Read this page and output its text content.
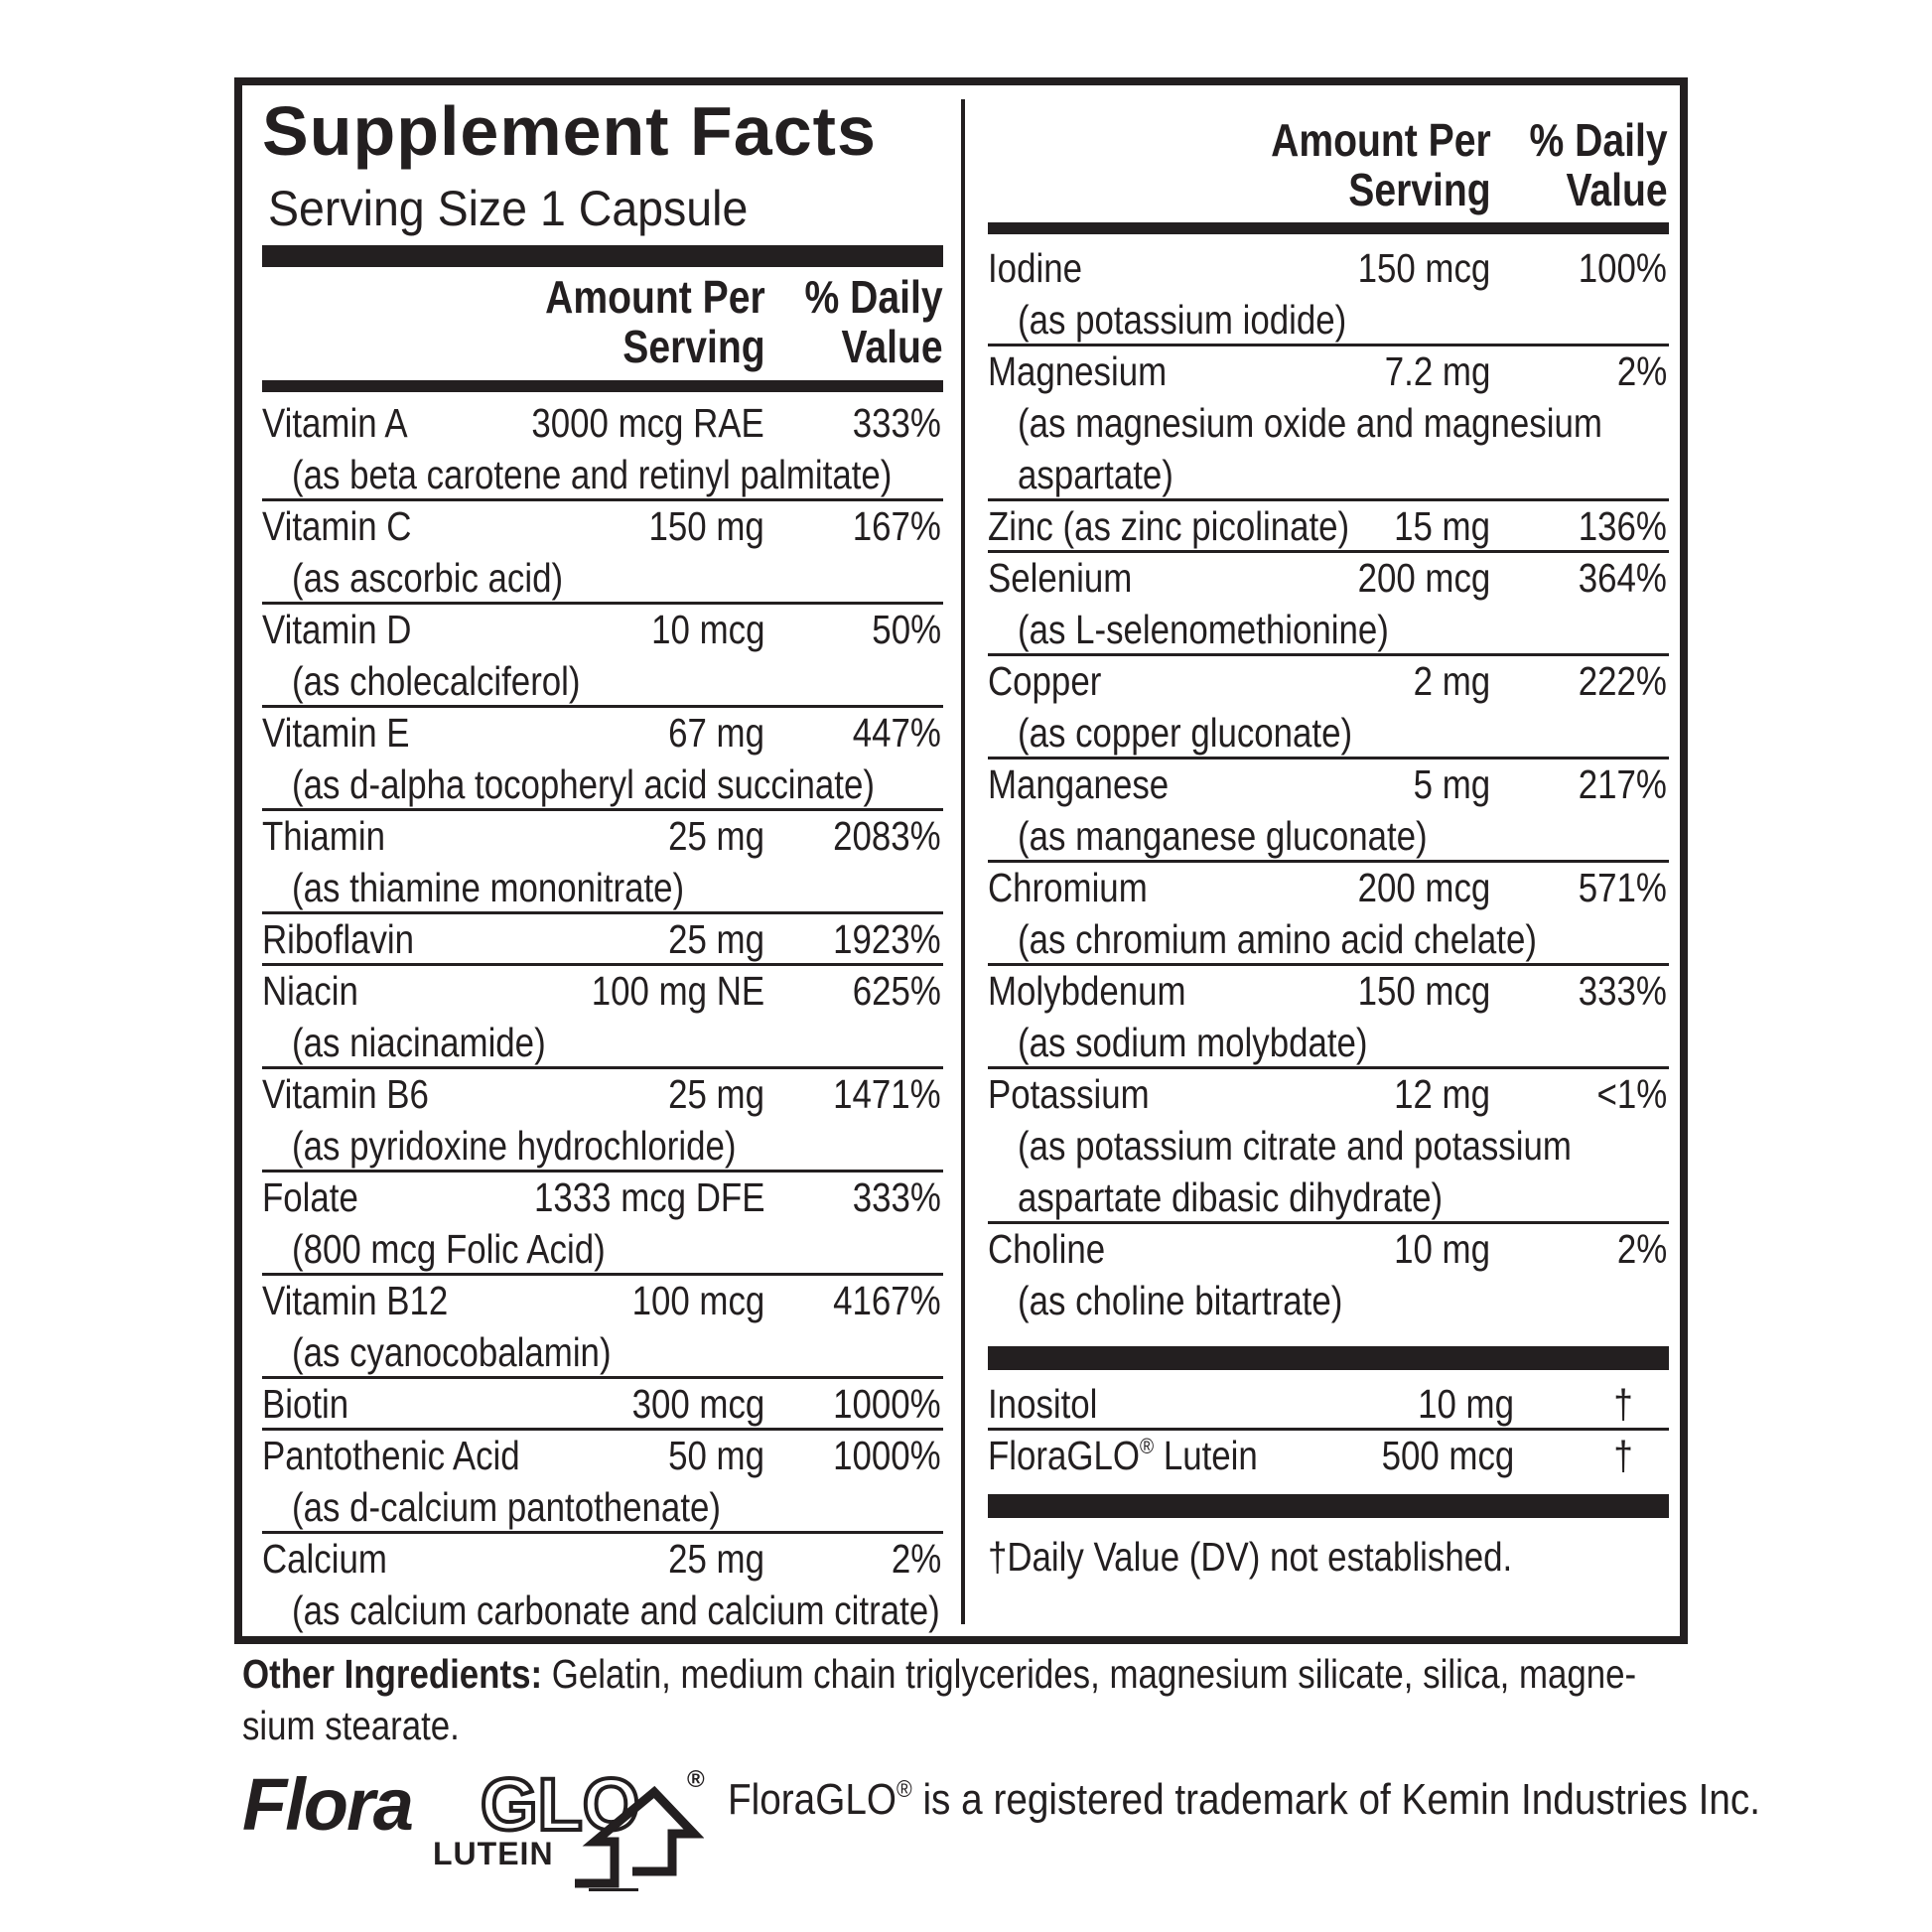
Supplement Facts
Serving Size 1 Capsule
Amount Per
Serving
% Daily
Value
Amount Per
Serving
% Daily
Value
Vitamin A	3000 mcg RAE 333%
(as beta carotene and retinyl palmitate)
Vitamin C	150 mg 167%
(as ascorbic acid)
Vitamin D	10 mcg	50%
(as cholecalciferol)
Vitamin E	67 mg 447%
(as d-alpha tocopheryl acid succinate)
Thiamin	25 mg 2083%
(as thiamine mononitrate)
Riboflavin	25 mg 1923%
Niacin	100 mg NE 625%
(as niacinamide)
Vitamin B6	25 mg 1471%
(as pyridoxine hydrochloride)
Folate	1333 mcg DFE 333%
(800 mcg Folic Acid)
Vitamin B12	100 mcg 4167%
(as cyanocobalamin)
Biotin	300 mcg 1000%
Pantothenic Acid	50 mg 1000%
(as d-calcium pantothenate)
Calcium	25 mg	2%
(as calcium carbonate and calcium citrate)
Iodine	150 mcg 100%
(as potassium iodide)
Magnesium	7.2 mg	2%
(as magnesium oxide and magnesium
aspartate)
Zinc (as zinc picolinate) 15 mg 136%
Selenium	200 mcg 364%
(as L-selenomethionine)
Copper	2 mg 222%
(as copper gluconate)
Manganese	5 mg 217%
(as manganese gluconate)
Chromium	200 mcg 571%
(as chromium amino acid chelate)
Molybdenum	150 mcg 333%
(as sodium molybdate)
Potassium	12 mg	<1%
(as potassium citrate and potassium
aspartate dibasic dihydrate)
Choline	10 mg	2%
(as choline bitartrate)
Inositol	10 mg †
FloraGLO® Lutein	500 mcg †
†Daily Value (DV) not established.
Other Ingredients: Gelatin, medium chain triglycerides, magnesium silicate, silica, magne-
sium stearate.
Flora GLO
LUTEIN
® FloraGLO® is a registered trademark of Kemin Industries Inc.
